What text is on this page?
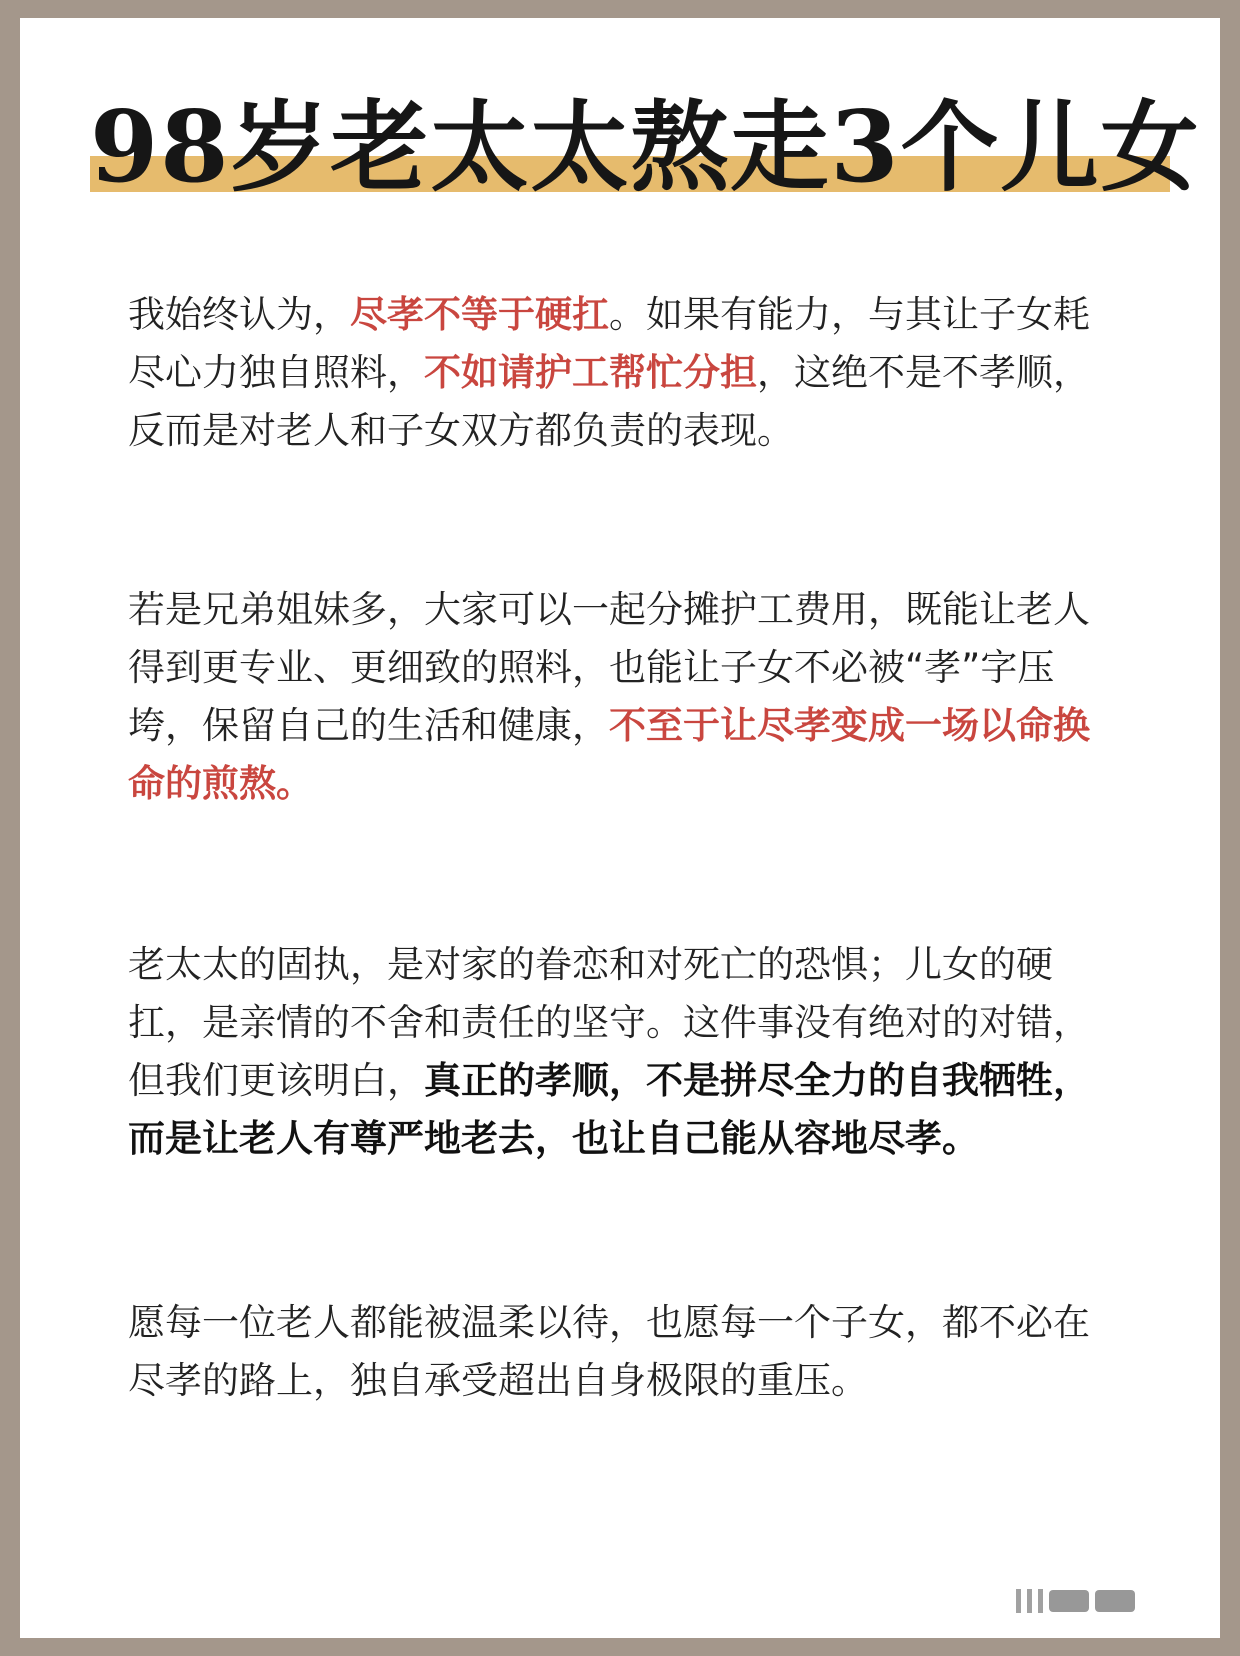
98岁老太太熬走3个儿女

我始终认为，尽孝不等于硬扛。如果有能力，与其让子女耗尽心力独自照料，不如请护工帮忙分担，这绝不是不孝顺，反而是对老人和子女双方都负责的表现。

若是兄弟姐妹多，大家可以一起分摊护工费用，既能让老人得到更专业、更细致的照料，也能让子女不必被“孝”字压垮，保留自己的生活和健康，不至于让尽孝变成一场以命换命的煎熬。

老太太的固执，是对家的眷恋和对死亡的恐惧；儿女的硬扛，是亲情的不舍和责任的坚守。这件事没有绝对的对错，但我们更该明白，真正的孝顺，不是拼尽全力的自我牺牲，而是让老人有尊严地老去，也让自己能从容地尽孝。

愿每一位老人都能被温柔以待，也愿每一个子女，都不必在尽孝的路上，独自承受超出自身极限的重压。
